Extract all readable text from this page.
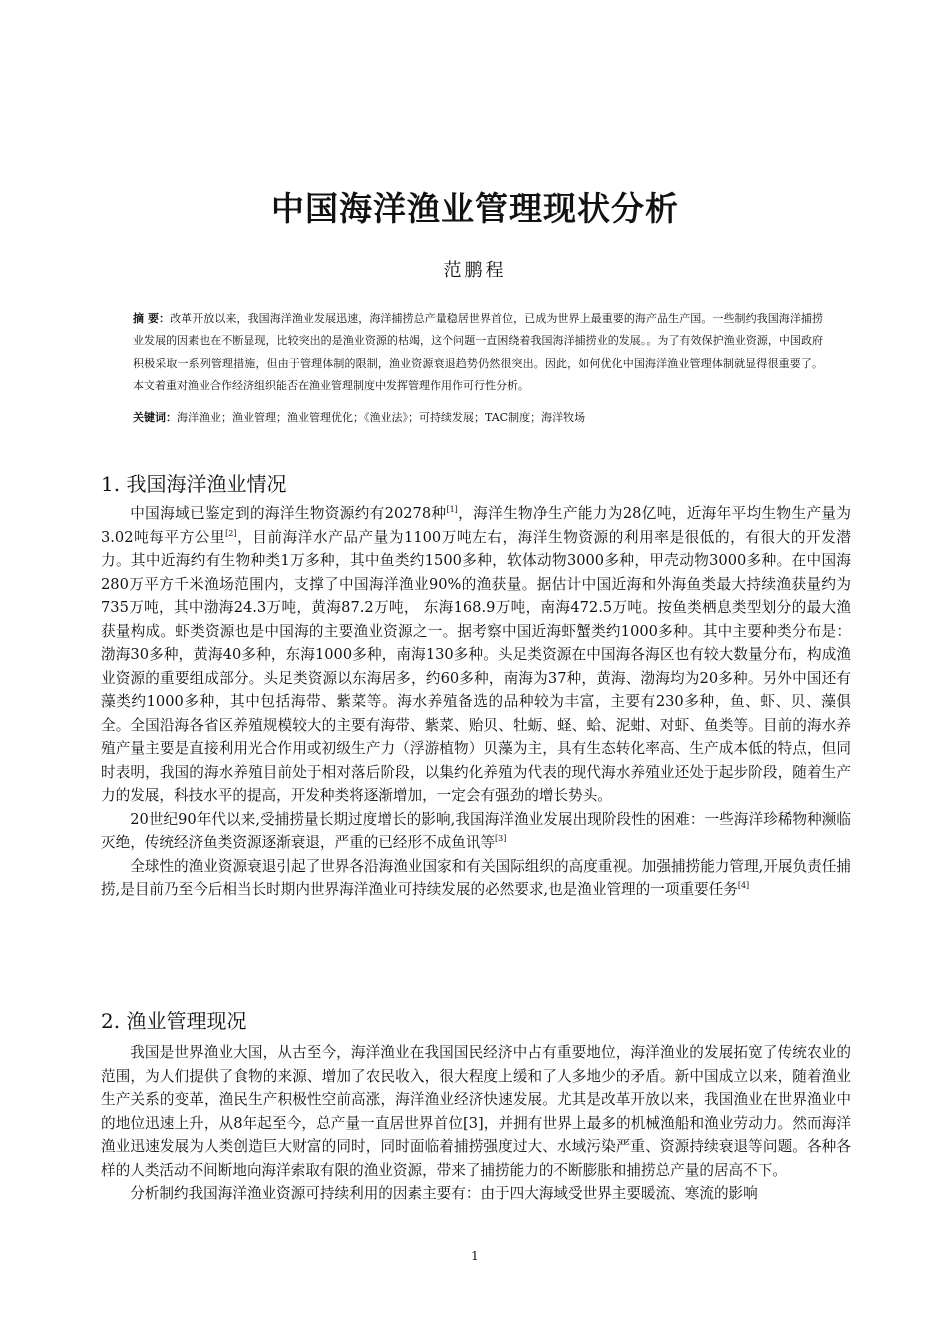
中国海洋渔业管理现状分析
范鹏程
摘 要：改革开放以来，我国海洋渔业发展迅速，海洋捕捞总产量稳居世界首位，已成为世界上最重要的海产品生产国。一些制约我国海洋捕捞业发展的因素也在不断显现，比较突出的是渔业资源的枯竭，这个问题一直困绕着我国海洋捕捞业的发展。。为了有效保护渔业资源，中国政府积极采取一系列管理措施，但由于管理体制的限制，渔业资源衰退趋势仍然很突出。因此，如何优化中国海洋渔业管理体制就显得很重要了。本文着重对渔业合作经济组织能否在渔业管理制度中发挥管理作用作可行性分析。
关键词：海洋渔业；渔业管理；渔业管理优化；《渔业法》；可持续发展；TAC制度；海洋牧场
1. 我国海洋渔业情况

中国海域已鉴定到的海洋生物资源约有20278种[1]，海洋生物净生产能力为28亿吨，近海年平均生物生产量为3.02吨每平方公里[2]，目前海洋水产品产量为1100万吨左右，海洋生物资源的利用率是很低的，有很大的开发潜力。其中近海约有生物种类1万多种，其中鱼类约1500多种，软体动物3000多种，甲壳动物3000多种。在中国海280万平方千米渔场范围内，支撑了中国海洋渔业90%的渔获量。据估计中国近海和外海鱼类最大持续渔获量约为735万吨，其中渤海24.3万吨，黄海87.2万吨， 东海168.9万吨，南海472.5万吨。按鱼类栖息类型划分的最大渔获量构成。虾类资源也是中国海的主要渔业资源之一。据考察中国近海虾蟹类约1000多种。其中主要种类分布是：渤海30多种，黄海40多种，东海1000多种，南海130多种。头足类资源在中国海各海区也有较大数量分布，构成渔业资源的重要组成部分。头足类资源以东海居多，约60多种，南海为37种，黄海、渤海均为20多种。另外中国还有藻类约1000多种，其中包括海带、紫菜等。海水养殖备选的品种较为丰富，主要有230多种，鱼、虾、贝、藻俱全。全国沿海各省区养殖规模较大的主要有海带、紫菜、贻贝、牡蛎、蛏、蛤、泥蚶、对虾、鱼类等。目前的海水养殖产量主要是直接利用光合作用或初级生产力（浮游植物）贝藻为主，具有生态转化率高、生产成本低的特点，但同时表明，我国的海水养殖目前处于相对落后阶段，以集约化养殖为代表的现代海水养殖业还处于起步阶段，随着生产力的发展，科技水平的提高，开发种类将逐渐增加，一定会有强劲的增长势头。

20世纪90年代以来,受捕捞量长期过度增长的影响,我国海洋渔业发展出现阶段性的困难：一些海洋珍稀物种濒临灭绝，传统经济鱼类资源逐渐衰退，严重的已经形不成鱼讯等[3]

全球性的渔业资源衰退引起了世界各沿海渔业国家和有关国际组织的高度重视。加强捕捞能力管理,开展负责任捕捞,是目前乃至今后相当长时期内世界海洋渔业可持续发展的必然要求,也是渔业管理的一项重要任务[4]

2. 渔业管理现况

我国是世界渔业大国，从古至今，海洋渔业在我国国民经济中占有重要地位，海洋渔业的发展拓宽了传统农业的范围，为人们提供了食物的来源、增加了农民收入，很大程度上缓和了人多地少的矛盾。新中国成立以来，随着渔业生产关系的变革，渔民生产积极性空前高涨，海洋渔业经济快速发展。尤其是改革开放以来，我国渔业在世界渔业中的地位迅速上升，从8年起至今，总产量一直居世界首位[3]，并拥有世界上最多的机械渔船和渔业劳动力。然而海洋渔业迅速发展为人类创造巨大财富的同时，同时面临着捕捞强度过大、水域污染严重、资源持续衰退等问题。各种各样的人类活动不间断地向海洋索取有限的渔业资源，带来了捕捞能力的不断膨胀和捕捞总产量的居高不下。

分析制约我国海洋渔业资源可持续利用的因素主要有：由于四大海域受世界主要暖流、寒流的影响

1
